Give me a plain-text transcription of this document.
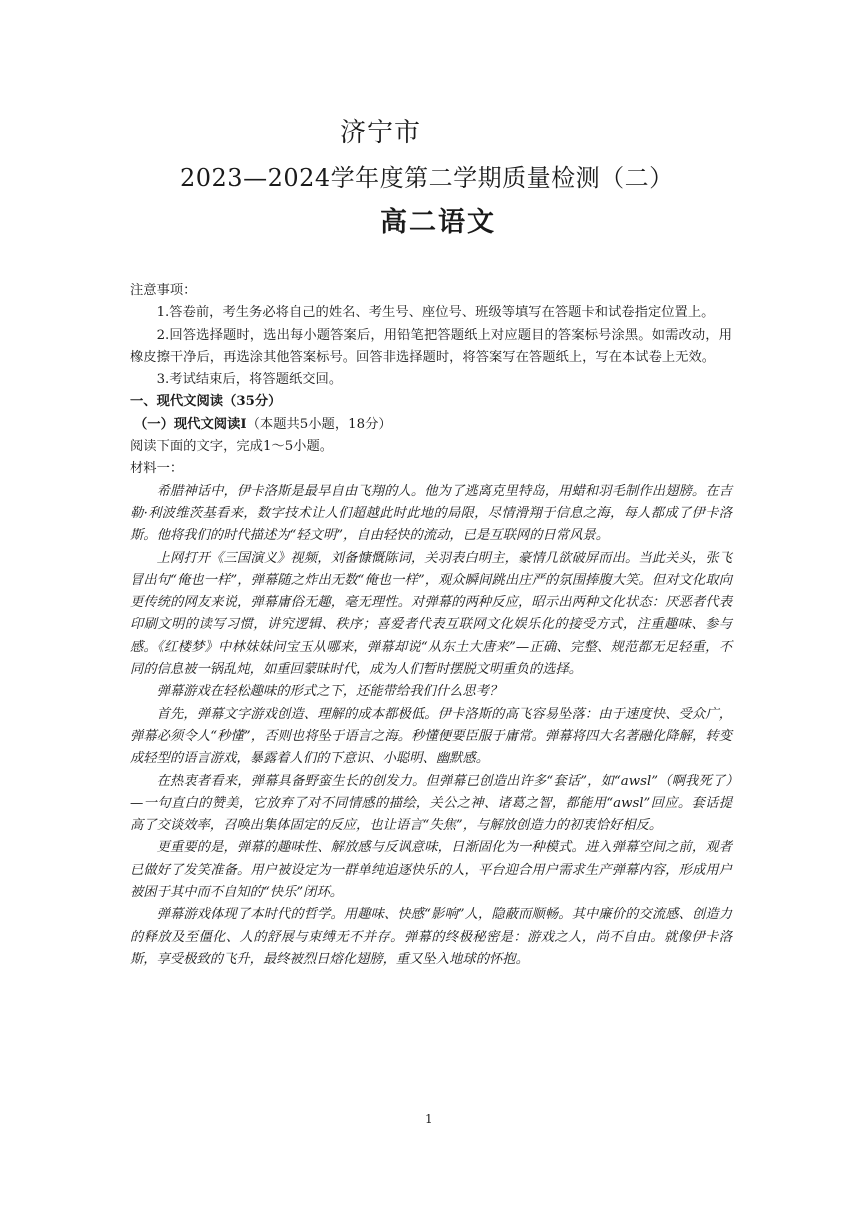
济宁市
2023—2024学年度第二学期质量检测（二）
高二语文

注意事项：

1.答卷前，考生务必将自己的姓名、考生号、座位号、班级等填写在答题卡和试卷指定位置上。

2.回答选择题时，选出每小题答案后，用铅笔把答题纸上对应题目的答案标号涂黑。如需改动，用橡皮擦干净后，再选涂其他答案标号。回答非选择题时，将答案写在答题纸上，写在本试卷上无效。

3.考试结束后，将答题纸交回。

一、现代文阅读（35分）

（一）现代文阅读Ⅰ（本题共5小题，18分）

阅读下面的文字，完成1～5小题。

材料一：

希腊神话中，伊卡洛斯是最早自由飞翔的人。他为了逃离克里特岛，用蜡和羽毛制作出翅膀。在吉勒·利波维茨基看来，数字技术让人们超越此时此地的局限，尽情滑翔于信息之海，每人都成了伊卡洛斯。他将我们的时代描述为“轻文明”，自由轻快的流动，已是互联网的日常风景。

上网打开《三国演义》视频，刘备慷慨陈词，关羽表白明主，豪情几欲破屏而出。当此关头，张飞冒出句“俺也一样”，弹幕随之炸出无数“俺也一样”，观众瞬间跳出庄严的氛围捧腹大笑。但对文化取向更传统的网友来说，弹幕庸俗无趣，毫无理性。对弹幕的两种反应，昭示出两种文化状态：厌恶者代表印刷文明的读写习惯，讲究逻辑、秩序；喜爱者代表互联网文化娱乐化的接受方式，注重趣味、参与感。《红楼梦》中林妹妹问宝玉从哪来，弹幕却说“从东土大唐来”—正确、完整、规范都无足轻重，不同的信息被一锅乱炖，如重回蒙昧时代，成为人们暂时摆脱文明重负的选择。

弹幕游戏在轻松趣味的形式之下，还能带给我们什么思考？

首先，弹幕文字游戏创造、理解的成本都极低。伊卡洛斯的高飞容易坠落：由于速度快、受众广，弹幕必须令人“秒懂”，否则也将坠于语言之海。秒懂便要臣服于庸常。弹幕将四大名著融化降解，转变成轻型的语言游戏，暴露着人们的下意识、小聪明、幽默感。

在热衷者看来，弹幕具备野蛮生长的创发力。但弹幕已创造出许多“套话”，如“awsl”（啊我死了）—一句直白的赞美，它放弃了对不同情感的描绘，关公之神、诸葛之智，都能用“awsl”回应。套话提高了交谈效率，召唤出集体固定的反应，也让语言“失焦”，与解放创造力的初衷恰好相反。

更重要的是，弹幕的趣味性、解放感与反讽意味，日渐固化为一种模式。进入弹幕空间之前，观者已做好了发笑准备。用户被设定为一群单纯追逐快乐的人，平台迎合用户需求生产弹幕内容，形成用户被困于其中而不自知的“快乐”闭环。

弹幕游戏体现了本时代的哲学。用趣味、快感“影响”人，隐蔽而顺畅。其中廉价的交流感、创造力的释放及至僵化、人的舒展与束缚无不并存。弹幕的终极秘密是：游戏之人，尚不自由。就像伊卡洛斯，享受极致的飞升，最终被烈日熔化翅膀，重又坠入地球的怀抱。

1
